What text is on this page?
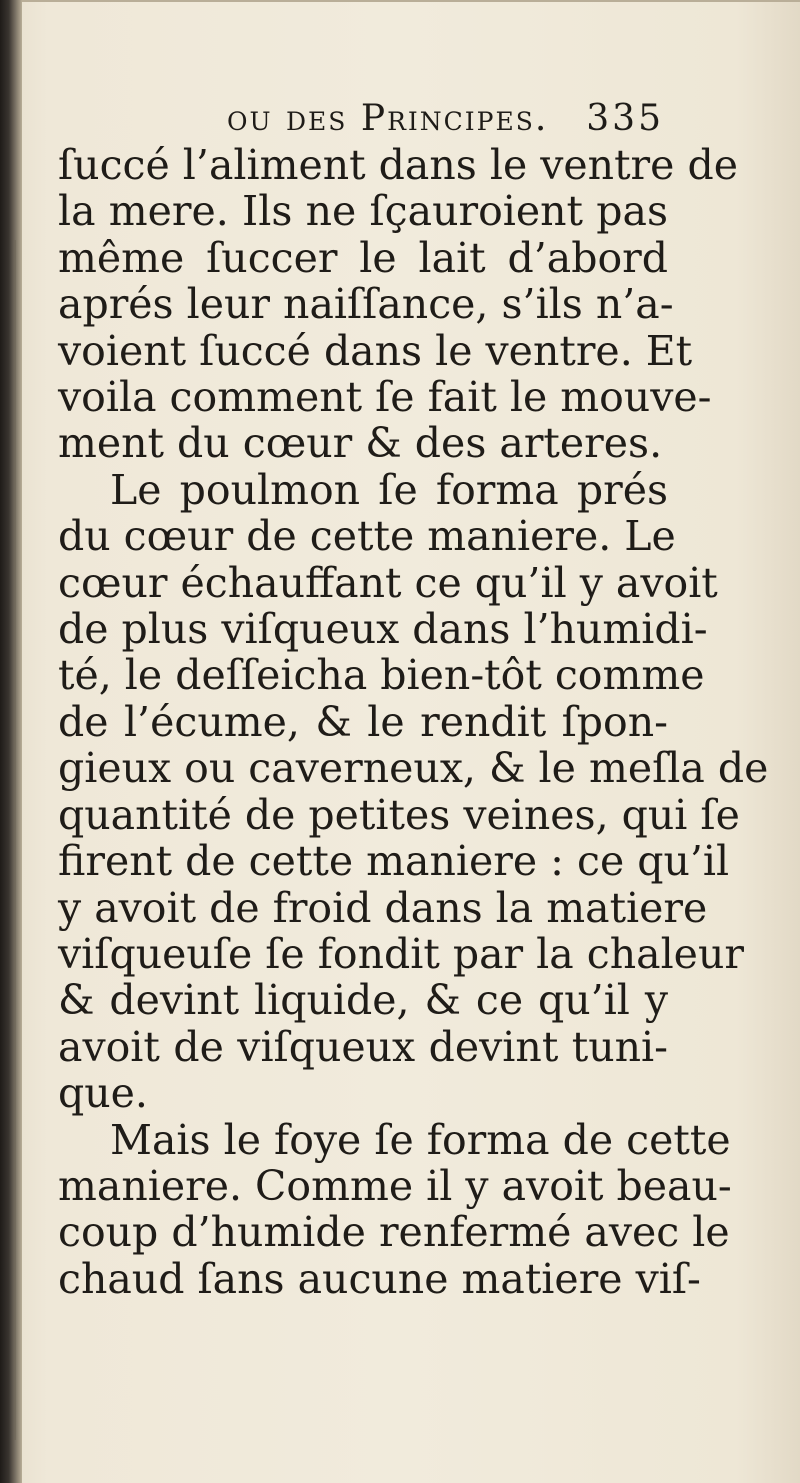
ou des Principes. 335
ſuccé l’aliment dans le ventre de
la mere. Ils ne ſçauroient pas
même ſuccer le lait d’abord
aprés leur naiſſance, s’ils n’a-
voient ſuccé dans le ventre. Et
voila comment ſe fait le mouve-
ment du cœur & des arteres.
Le poulmon ſe forma prés
du cœur de cette maniere. Le
cœur échauffant ce qu’il y avoit
de plus viſqueux dans l’humidi-
té, le deſſeicha bien-tôt comme
de l’écume, & le rendit ſpon-
gieux ou caverneux, & le meſla de
quantité de petites veines, qui ſe
firent de cette maniere : ce qu’il
y avoit de froid dans la matiere
viſqueuſe ſe fondit par la chaleur
& devint liquide, & ce qu’il y
avoit de viſqueux devint tuni-
que.
Mais le foye ſe forma de cette
maniere. Comme il y avoit beau-
coup d’humide renfermé avec le
chaud ſans aucune matiere viſ-
